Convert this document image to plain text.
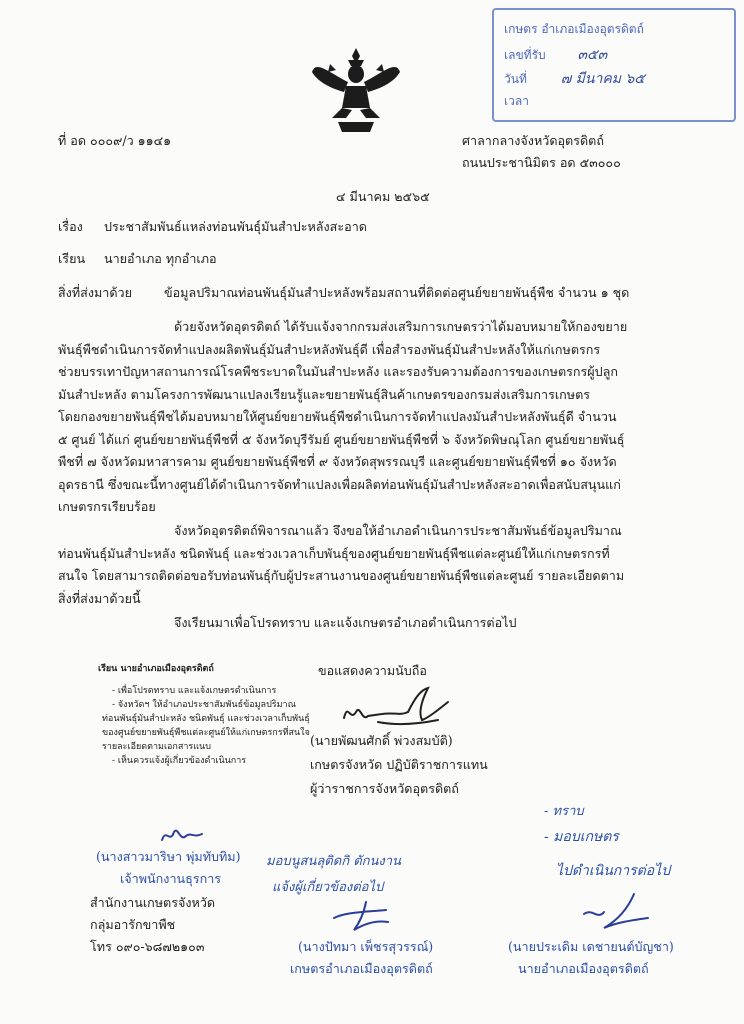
เกษตร อำเภอเมืองอุตรดิตถ์
เลขที่รับ ๓๕๓
วันที่ ๗ มีนาคม ๖๕
เวลา
ที่ อด ๐๐๐๙/ว ๑๑๔๑	ศาลากลางจังหวัดอุตรดิตถ์
ถนนประชานิมิตร อด ๕๓๐๐๐
๔ มีนาคม ๒๕๖๕
เรื่อง ประชาสัมพันธ์แหล่งท่อนพันธุ์มันสำปะหลังสะอาด
เรียน นายอำเภอ ทุกอำเภอ
สิ่งที่ส่งมาด้วย	ข้อมูลปริมาณท่อนพันธุ์มันสำปะหลังพร้อมสถานที่ติดต่อศูนย์ขยายพันธุ์พืช จำนวน ๑ ชุด
ด้วยจังหวัดอุตรดิตถ์ ได้รับแจ้งจากกรมส่งเสริมการเกษตรว่าได้มอบหมายให้กองขยาย
พันธุ์พืชดำเนินการจัดทำแปลงผลิตพันธุ์มันสำปะหลังพันธุ์ดี เพื่อสำรองพันธุ์มันสำปะหลังให้แก่เกษตรกร
ช่วยบรรเทาปัญหาสถานการณ์โรคพืชระบาดในมันสำปะหลัง และรองรับความต้องการของเกษตรกรผู้ปลูก
มันสำปะหลัง ตามโครงการพัฒนาแปลงเรียนรู้และขยายพันธุ์สินค้าเกษตรของกรมส่งเสริมการเกษตร
โดยกองขยายพันธุ์พืชได้มอบหมายให้ศูนย์ขยายพันธุ์พืชดำเนินการจัดทำแปลงมันสำปะหลังพันธุ์ดี จำนวน
๕ ศูนย์ ได้แก่ ศูนย์ขยายพันธุ์พืชที่ ๕ จังหวัดบุรีรัมย์ ศูนย์ขยายพันธุ์พืชที่ ๖ จังหวัดพิษณุโลก ศูนย์ขยายพันธุ์
พืชที่ ๗ จังหวัดมหาสารคาม ศูนย์ขยายพันธุ์พืชที่ ๙ จังหวัดสุพรรณบุรี และศูนย์ขยายพันธุ์พืชที่ ๑๐ จังหวัด
อุดรธานี ซึ่งขณะนี้ทางศูนย์ได้ดำเนินการจัดทำแปลงเพื่อผลิตท่อนพันธุ์มันสำปะหลังสะอาดเพื่อสนับสนุนแก่
เกษตรกรเรียบร้อย
จังหวัดอุตรดิตถ์พิจารณาแล้ว จึงขอให้อำเภอดำเนินการประชาสัมพันธ์ข้อมูลปริมาณ
ท่อนพันธุ์มันสำปะหลัง ชนิดพันธุ์ และช่วงเวลาเก็บพันธุ์ของศูนย์ขยายพันธุ์พืชแต่ละศูนย์ให้แก่เกษตรกรที่
สนใจ โดยสามารถติดต่อขอรับท่อนพันธุ์กับผู้ประสานงานของศูนย์ขยายพันธุ์พืชแต่ละศูนย์ รายละเอียดตาม
สิ่งที่ส่งมาด้วยนี้
จึงเรียนมาเพื่อโปรดทราบ และแจ้งเกษตรอำเภอดำเนินการต่อไป
ขอแสดงความนับถือ
เรียน นายอำเภอเมืองอุตรดิตถ์
- เพื่อโปรดทราบ และแจ้งเกษตรดำเนินการ
- จังหวัดฯ ให้อำเภอประชาสัมพันธ์ข้อมูลปริมาณ
ท่อนพันธุ์มันสำปะหลัง ชนิดพันธุ์ และช่วงเวลาเก็บพันธุ์
ของศูนย์ขยายพันธุ์พืชแต่ละศูนย์ให้แก่เกษตรกรที่สนใจ
รายละเอียดตามเอกสารแนบ
- เห็นควรแจ้งผู้เกี่ยวข้องดำเนินการ
(นายพัฒนศักดิ์ พ่วงสมบัติ)
เกษตรจังหวัด ปฏิบัติราชการแทน
ผู้ว่าราชการจังหวัดอุตรดิตถ์
(นางสาวมาริษา พุ่มทับทิม)
เจ้าพนักงานธุรการ
สำนักงานเกษตรจังหวัด
กลุ่มอารักขาพืช
โทร ๐๙๐-๖๘๗๒๑๐๓
มอบนูสนลุติดกิ ตักนงาน
แจ้งผู้เกี่ยวข้องต่อไป
(นางปัทมา เพ็ชรสุวรรณ์)
เกษตรอำเภอเมืองอุตรดิตถ์
- ทราบ
- มอบเกษตร
ไปดำเนินการต่อไป
(นายประเดิม เดชายนต์บัญชา)
นายอำเภอเมืองอุตรดิตถ์
